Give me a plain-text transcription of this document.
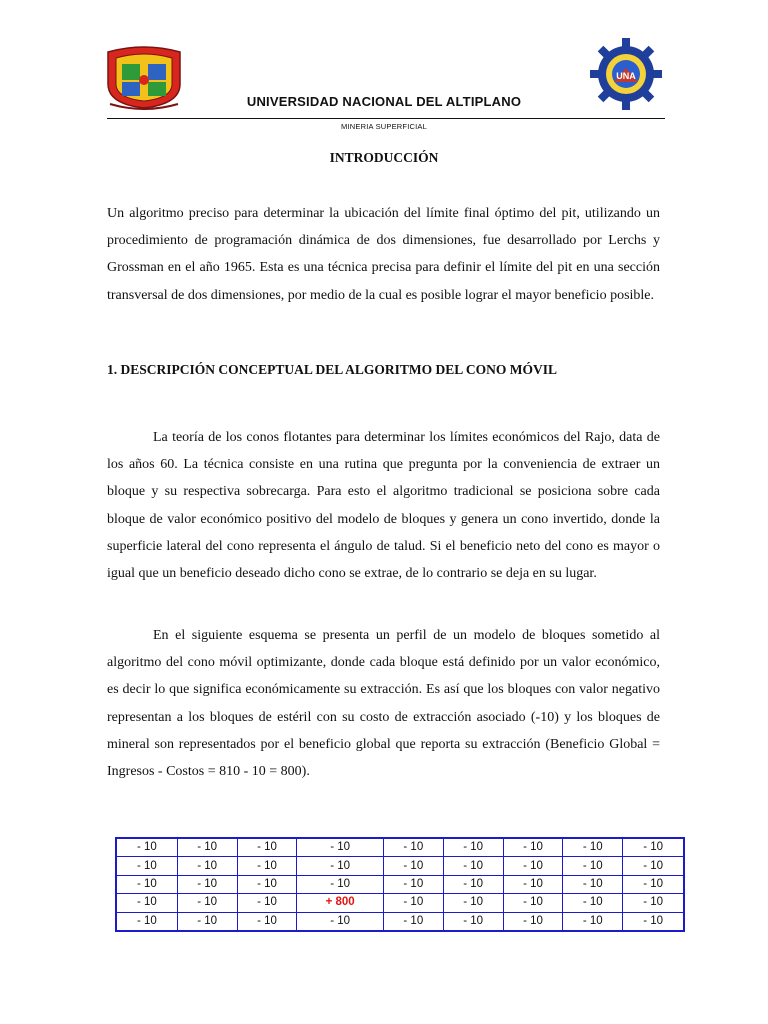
UNA
UNIVERSIDAD NACIONAL DEL ALTIPLANO
MINERIA SUPERFICIAL
INTRODUCCIÓN

Un algoritmo preciso para determinar la ubicación del límite final óptimo del pit, utilizando un procedimiento de programación dinámica de dos dimensiones, fue desarrollado por Lerchs y Grossman en el año 1965. Esta es una técnica precisa para definir el límite del pit en una sección transversal de dos dimensiones, por medio de la cual es posible lograr el mayor beneficio posible.

1. DESCRIPCIÓN CONCEPTUAL DEL ALGORITMO DEL CONO MÓVIL

La teoría de los conos flotantes para determinar los límites económicos del Rajo, data de los años 60. La técnica consiste en una rutina que pregunta por la conveniencia de extraer un bloque y su respectiva sobrecarga. Para esto el algoritmo tradicional se posiciona sobre cada bloque de valor económico positivo del modelo de bloques y genera un cono invertido, donde la superficie lateral del cono representa el ángulo de talud. Si el beneficio neto del cono es mayor o igual que un beneficio deseado dicho cono se extrae, de lo contrario se deja en su lugar.

En el siguiente esquema se presenta un perfil de un modelo de bloques sometido al algoritmo del cono móvil optimizante, donde cada bloque está definido por un valor económico, es decir lo que significa económicamente su extracción. Es así que los bloques con valor negativo representan a los bloques de estéril con su costo de extracción asociado (-10) y los bloques de mineral son representados por el beneficio global que reporta su extracción (Beneficio Global = Ingresos - Costos = 810 - 10 = 800).

- 10	- 10	- 10	- 10	- 10	- 10	- 10	- 10	- 10
- 10	- 10	- 10	- 10	- 10	- 10	- 10	- 10	- 10
- 10	- 10	- 10	- 10	- 10	- 10	- 10	- 10	- 10
- 10	- 10	- 10	+ 800	- 10	- 10	- 10	- 10	- 10
- 10	- 10	- 10	- 10	- 10	- 10	- 10	- 10	- 10
